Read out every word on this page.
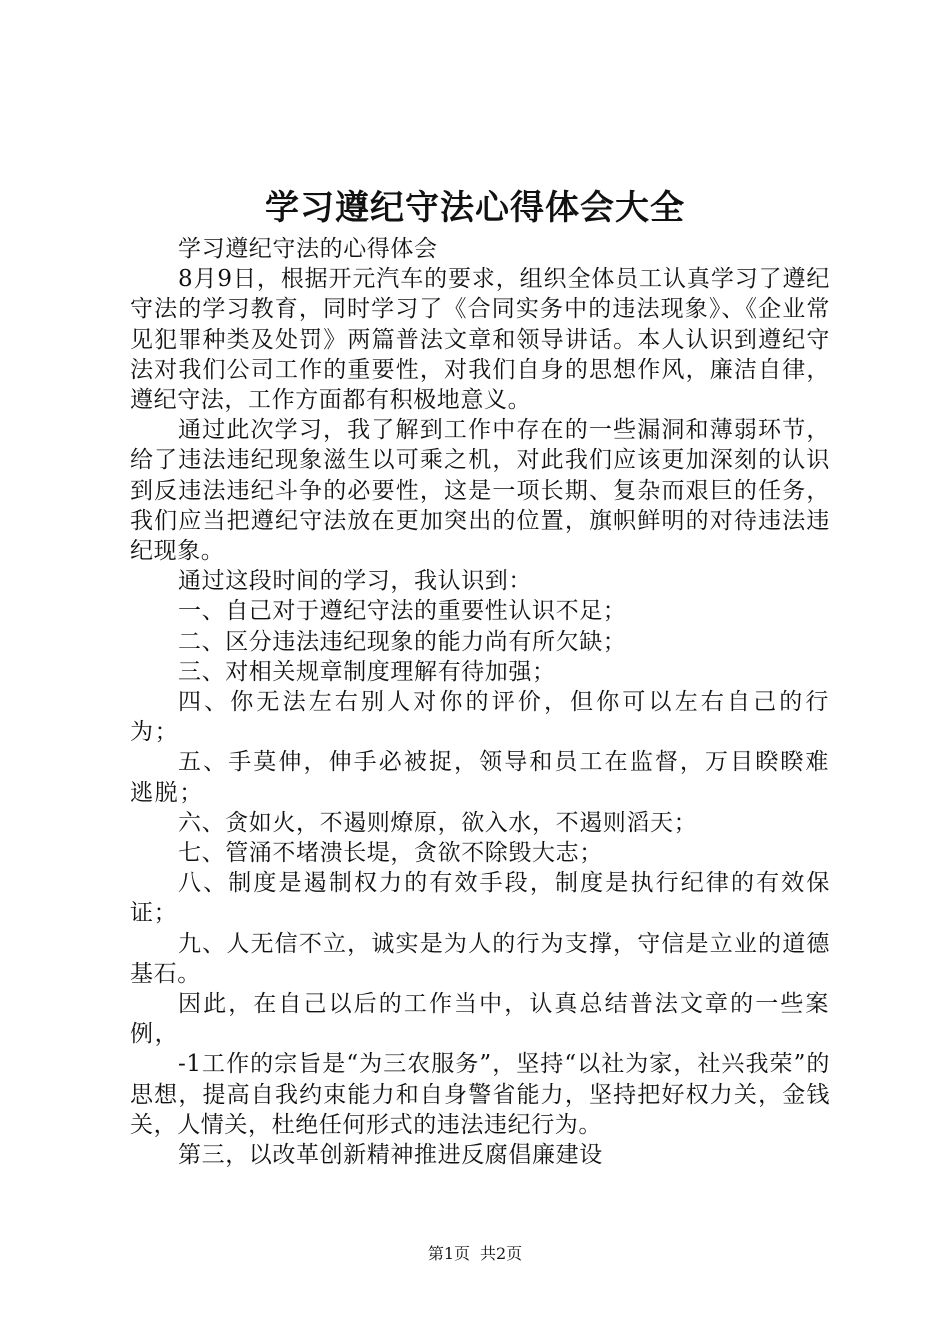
学习遵纪守法心得体会大全

学习遵纪守法的心得体会

8月9日，根据开元汽车的要求，组织全体员工认真学习了遵纪守法的学习教育，同时学习了《合同实务中的违法现象》、《企业常见犯罪种类及处罚》两篇普法文章和领导讲话。本人认识到遵纪守法对我们公司工作的重要性，对我们自身的思想作风，廉洁自律，遵纪守法，工作方面都有积极地意义。

通过此次学习，我了解到工作中存在的一些漏洞和薄弱环节，给了违法违纪现象滋生以可乘之机，对此我们应该更加深刻的认识到反违法违纪斗争的必要性，这是一项长期、复杂而艰巨的任务，我们应当把遵纪守法放在更加突出的位置，旗帜鲜明的对待违法违纪现象。

通过这段时间的学习，我认识到：

一、自己对于遵纪守法的重要性认识不足；

二、区分违法违纪现象的能力尚有所欠缺；

三、对相关规章制度理解有待加强；

四、你无法左右别人对你的评价，但你可以左右自己的行为；

五、手莫伸，伸手必被捉，领导和员工在监督，万目睽睽难逃脱；

六、贪如火，不遏则燎原，欲入水，不遏则滔天；

七、管涌不堵溃长堤，贪欲不除毁大志；

八、制度是遏制权力的有效手段，制度是执行纪律的有效保证；

九、人无信不立，诚实是为人的行为支撑，守信是立业的道德基石。

因此，在自己以后的工作当中，认真总结普法文章的一些案例，

-1工作的宗旨是“为三农服务”，坚持“以社为家，社兴我荣”的思想，提高自我约束能力和自身警省能力，坚持把好权力关，金钱关，人情关，杜绝任何形式的违法违纪行为。

第三，以改革创新精神推进反腐倡廉建设

第1页 共2页
